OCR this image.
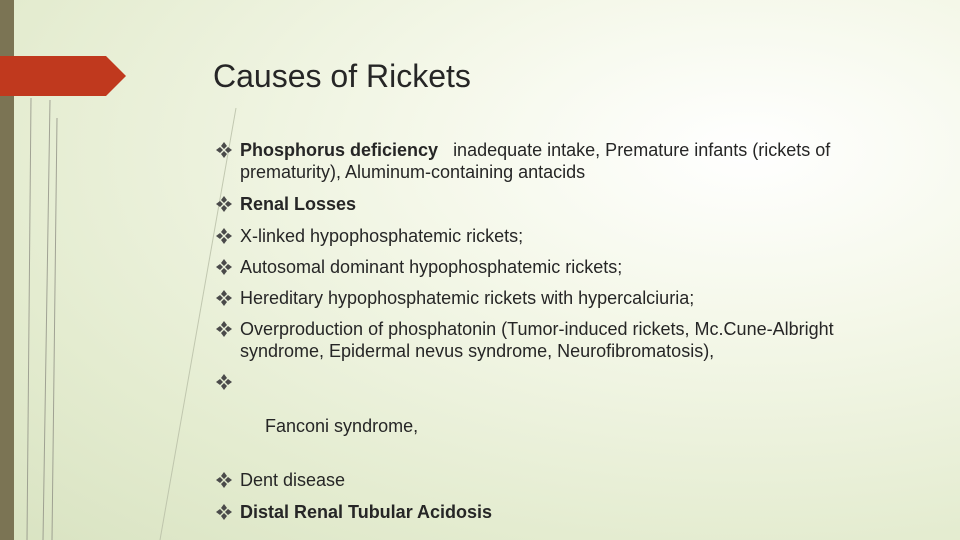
Causes of Rickets
Phosphorus deficiency inadequate intake, Premature infants (rickets of prematurity), Aluminum-containing antacids
Renal Losses
X-linked hypophosphatemic rickets;
Autosomal dominant hypophosphatemic rickets;
Hereditary hypophosphatemic rickets with hypercalciuria;
Overproduction of phosphatonin (Tumor-induced rickets, Mc.Cune-Albright syndrome, Epidermal nevus syndrome, Neurofibromatosis),

Fanconi syndrome,

Dent disease
Distal Renal Tubular Acidosis
